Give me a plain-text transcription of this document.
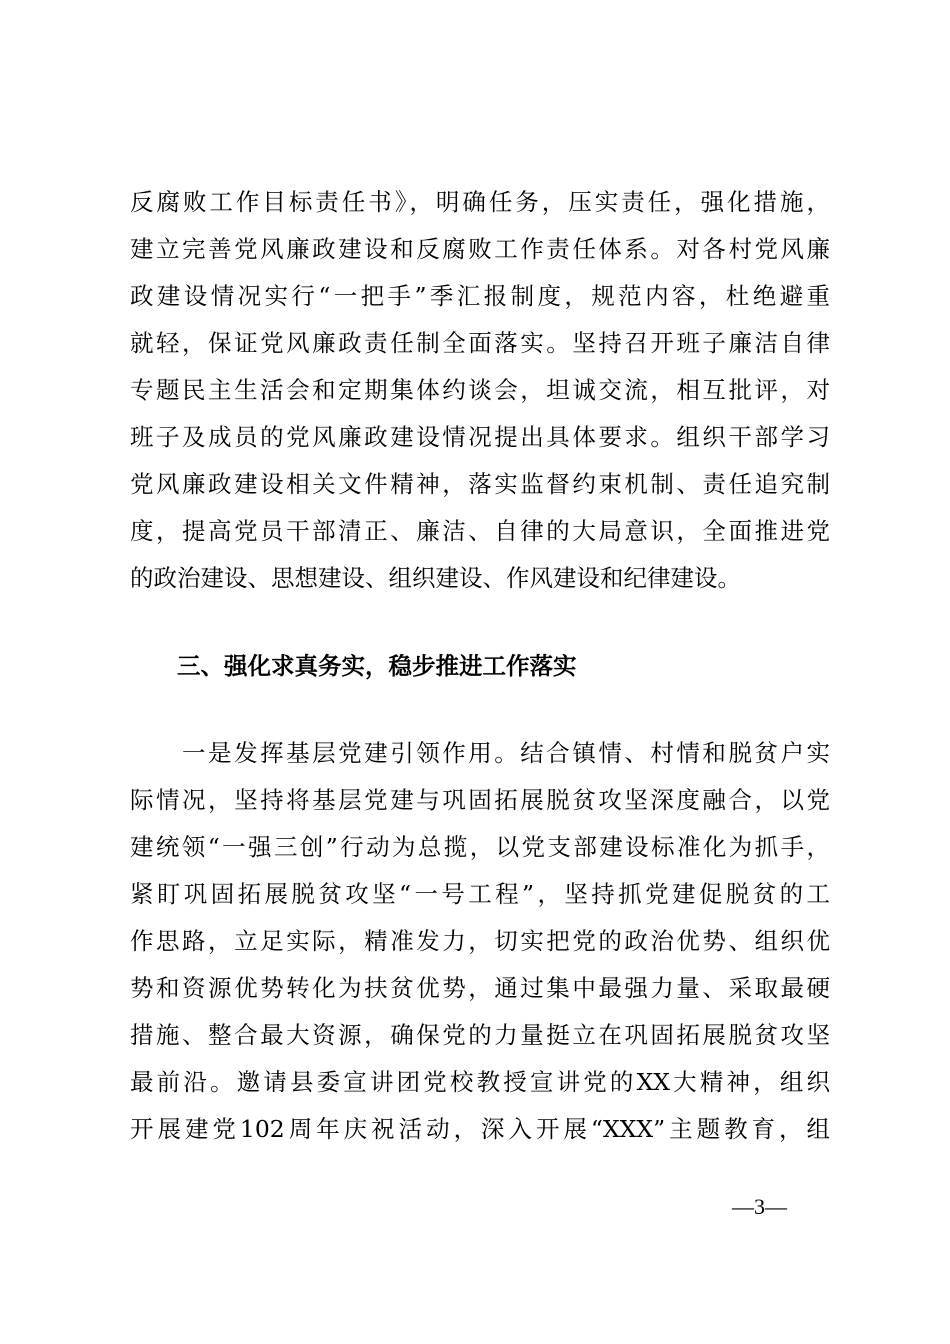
反腐败工作目标责任书》，明确任务，压实责任，强化措施，
建立完善党风廉政建设和反腐败工作责任体系。对各村党风廉
政建设情况实行“一把手”季汇报制度，规范内容，杜绝避重
就轻，保证党风廉政责任制全面落实。坚持召开班子廉洁自律
专题民主生活会和定期集体约谈会，坦诚交流，相互批评，对
班子及成员的党风廉政建设情况提出具体要求。组织干部学习
党风廉政建设相关文件精神，落实监督约束机制、责任追究制
度，提高党员干部清正、廉洁、自律的大局意识，全面推进党
的政治建设、思想建设、组织建设、作风建设和纪律建设。
三、强化求真务实，稳步推进工作落实
　　一是发挥基层党建引领作用。结合镇情、村情和脱贫户实
际情况，坚持将基层党建与巩固拓展脱贫攻坚深度融合，以党
建统领“一强三创”行动为总揽，以党支部建设标准化为抓手，
紧盯巩固拓展脱贫攻坚“一号工程”，坚持抓党建促脱贫的工
作思路，立足实际，精准发力，切实把党的政治优势、组织优
势和资源优势转化为扶贫优势，通过集中最强力量、采取最硬
措施、整合最大资源，确保党的力量挺立在巩固拓展脱贫攻坚
最前沿。邀请县委宣讲团党校教授宣讲党的XX大精神，组织
开展建党102周年庆祝活动，深入开展“XXX”主题教育，组
—3—
